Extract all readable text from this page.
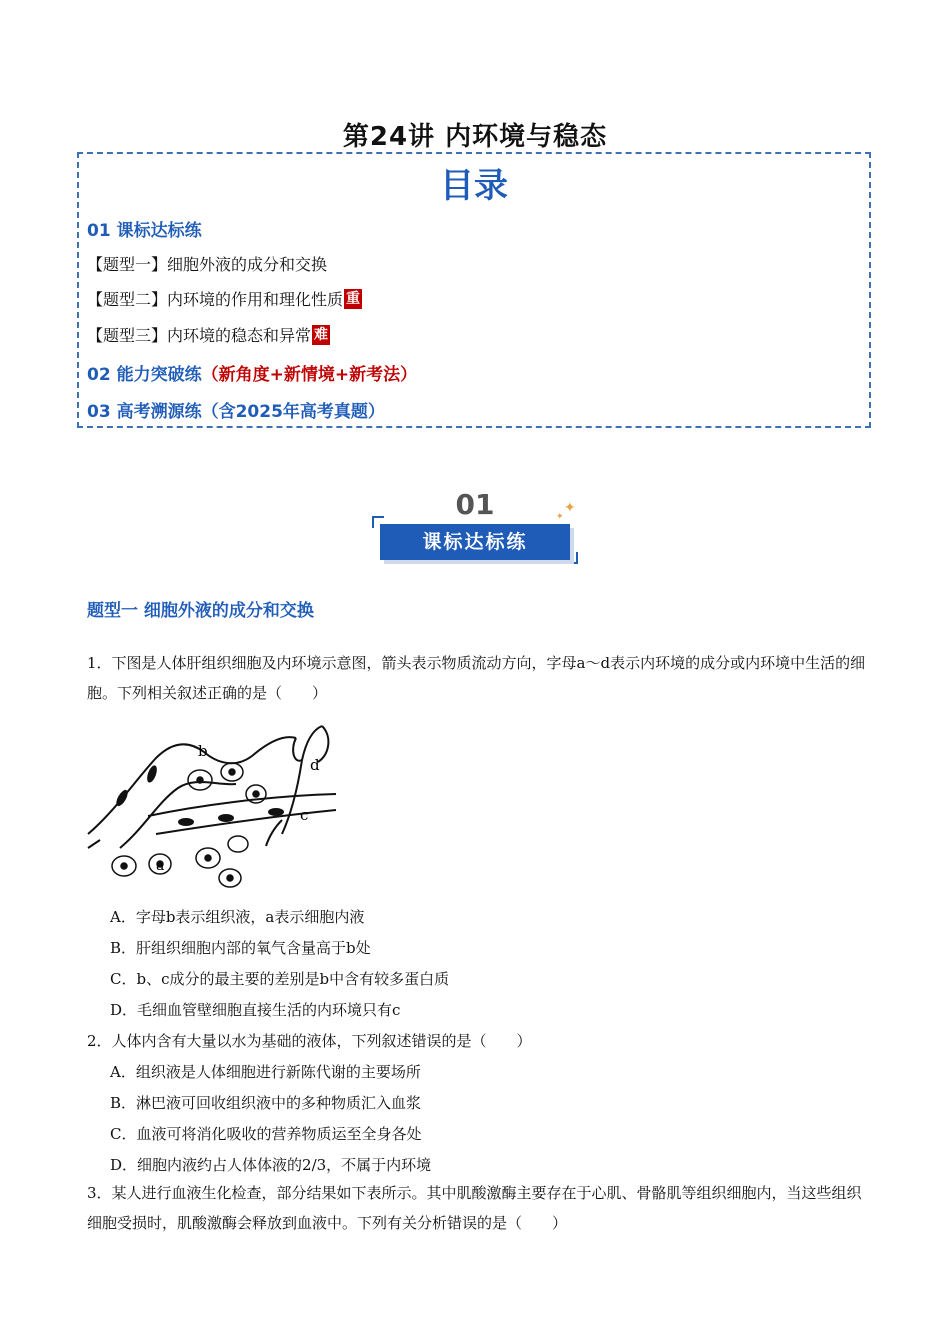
第24讲 内环境与稳态
目录
01 课标达标练
【题型一】细胞外液的成分和交换
【题型二】内环境的作用和理化性质 重
【题型三】内环境的稳态和异常 难
02 能力突破练（新角度+新情境+新考法）
03 高考溯源练（含2025年高考真题）
01
课标达标练
✦
✦
题型一 细胞外液的成分和交换
1．下图是人体肝组织细胞及内环境示意图，箭头表示物质流动方向，字母a～d表示内环境的成分或内环境中生活的细胞。下列相关叙述正确的是（　　）
b
a
c
d
A．字母b表示组织液，a表示细胞内液
B．肝组织细胞内部的氧气含量高于b处
C．b、c成分的最主要的差别是b中含有较多蛋白质
D．毛细血管壁细胞直接生活的内环境只有c
2．人体内含有大量以水为基础的液体，下列叙述错误的是（　　）
A．组织液是人体细胞进行新陈代谢的主要场所
B．淋巴液可回收组织液中的多种物质汇入血浆
C．血液可将消化吸收的营养物质运至全身各处
D．细胞内液约占人体体液的2/3，不属于内环境
3．某人进行血液生化检查，部分结果如下表所示。其中肌酸激酶主要存在于心肌、骨骼肌等组织细胞内，当这些组织细胞受损时，肌酸激酶会释放到血液中。下列有关分析错误的是（　　）
